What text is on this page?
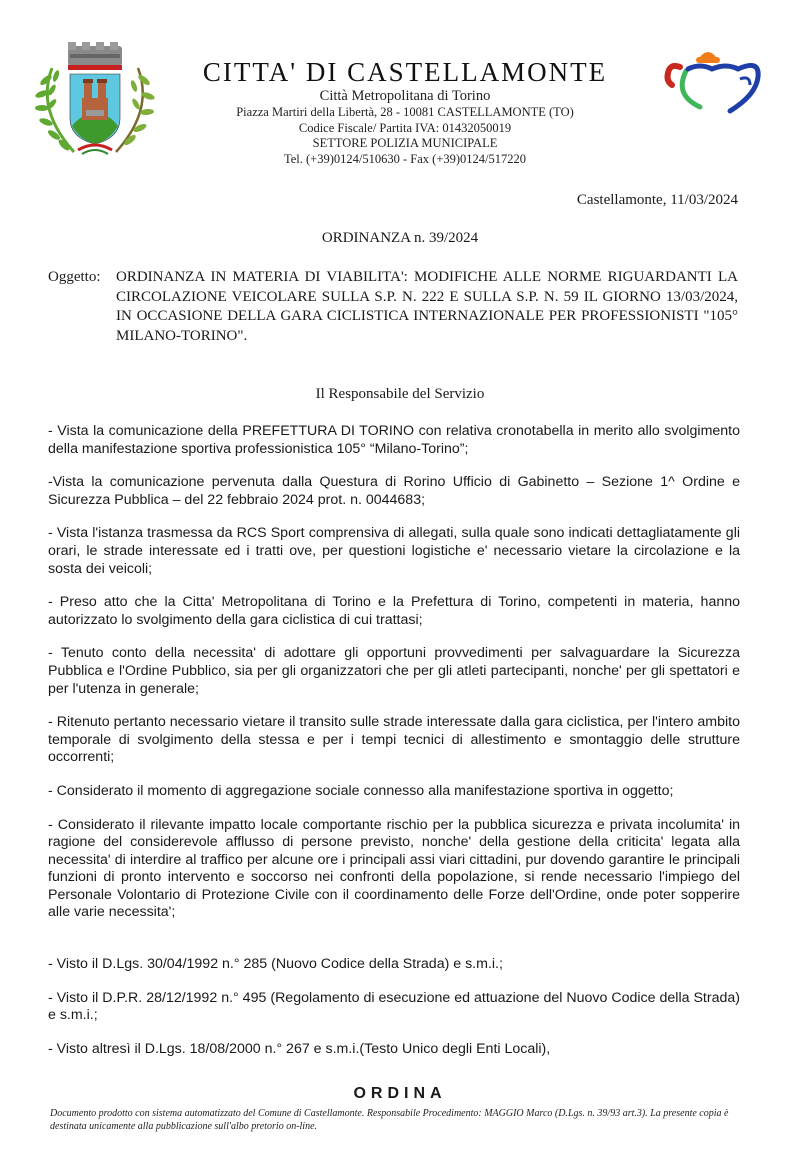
CITTA' DI CASTELLAMONTE
Città Metropolitana di Torino
Piazza Martiri della Libertà, 28 - 10081 CASTELLAMONTE (TO)
Codice Fiscale/ Partita IVA: 01432050019
SETTORE POLIZIA MUNICIPALE
Tel. (+39)0124/510630 - Fax (+39)0124/517220
Castellamonte, 11/03/2024
ORDINANZA n. 39/2024
Oggetto: ORDINANZA IN MATERIA DI VIABILITA': MODIFICHE ALLE NORME RIGUARDANTI LA CIRCOLAZIONE VEICOLARE SULLA S.P. N. 222 E SULLA S.P. N. 59 IL GIORNO 13/03/2024, IN OCCASIONE DELLA GARA CICLISTICA INTERNAZIONALE PER PROFESSIONISTI "105° MILANO-TORINO".
Il Responsabile del Servizio

- Vista la comunicazione della PREFETTURA DI TORINO con relativa cronotabella in merito allo svolgimento della manifestazione sportiva professionistica 105° “Milano-Torino”;

-Vista la comunicazione pervenuta dalla Questura di Rorino Ufficio di Gabinetto – Sezione 1^ Ordine e Sicurezza Pubblica – del 22 febbraio 2024 prot. n. 0044683;

- Vista l'istanza trasmessa da RCS Sport comprensiva di allegati, sulla quale sono indicati dettagliatamente gli orari, le strade interessate ed i tratti ove, per questioni logistiche e' necessario vietare la circolazione e la sosta dei veicoli;

- Preso atto che la Citta' Metropolitana di Torino e la Prefettura di Torino, competenti in materia, hanno autorizzato lo svolgimento della gara ciclistica di cui trattasi;

- Tenuto conto della necessita' di adottare gli opportuni provvedimenti per salvaguardare la Sicurezza Pubblica e l'Ordine Pubblico, sia per gli organizzatori che per gli atleti partecipanti, nonche' per gli spettatori e per l'utenza in generale;

- Ritenuto pertanto necessario vietare il transito sulle strade interessate dalla gara ciclistica, per l'intero ambito temporale di svolgimento della stessa e per i tempi tecnici di allestimento e smontaggio delle strutture occorrenti;

- Considerato il momento di aggregazione sociale connesso alla manifestazione sportiva in oggetto;

- Considerato il rilevante impatto locale comportante rischio per la pubblica sicurezza e privata incolumita' in ragione del considerevole afflusso di persone previsto, nonche' della gestione della criticita' legata alla necessita' di interdire al traffico per alcune ore i principali assi viari cittadini, pur dovendo garantire le principali funzioni di pronto intervento e soccorso nei confronti della popolazione, si rende necessario l'impiego del Personale Volontario di Protezione Civile con il coordinamento delle Forze dell'Ordine, onde poter sopperire alle varie necessita';

- Visto il D.Lgs. 30/04/1992 n.° 285 (Nuovo Codice della Strada) e s.m.i.;

- Visto il D.P.R. 28/12/1992 n.° 495 (Regolamento di esecuzione ed attuazione del Nuovo Codice della Strada) e s.m.i.;

- Visto altresì il D.Lgs. 18/08/2000 n.° 267 e s.m.i.(Testo Unico degli Enti Locali),

ORDINA
Documento prodotto con sistema automatizzato del Comune di Castellamonte. Responsabile Procedimento: MAGGIO Marco (D.Lgs. n. 39/93 art.3). La presente copia è destinata unicamente alla pubblicazione sull'albo pretorio on-line.
